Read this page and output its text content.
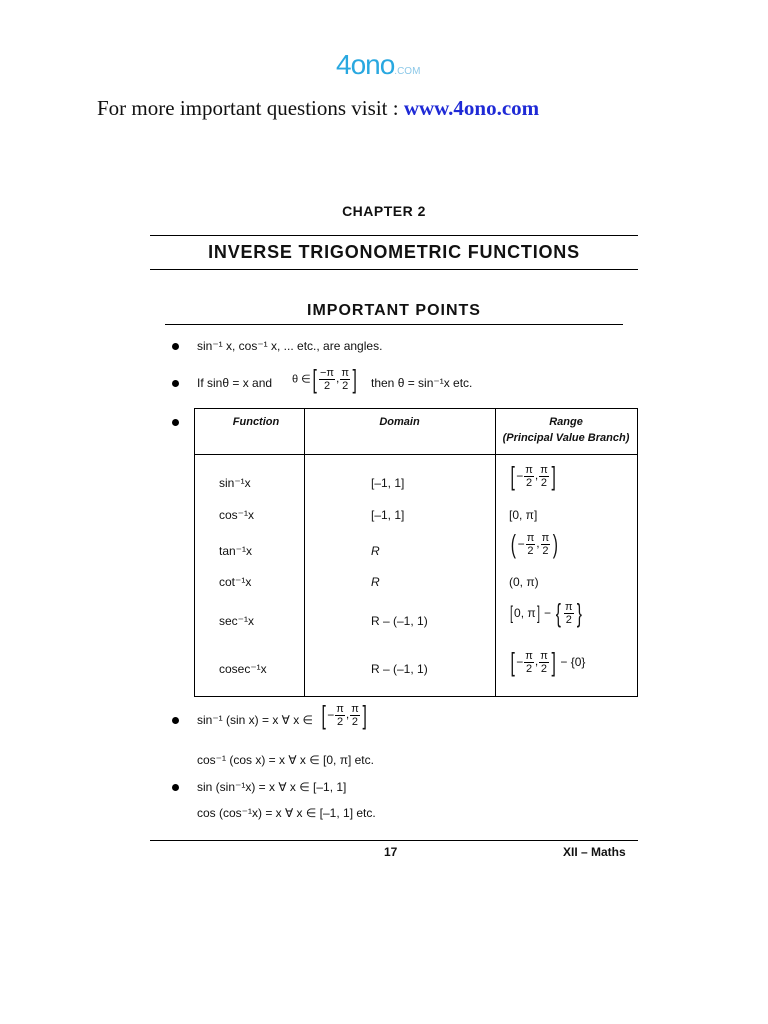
4ono.COM
For more important questions visit : www.4ono.com
CHAPTER 2
INVERSE TRIGONOMETRIC FUNCTIONS
IMPORTANT POINTS
sin⁻¹ x, cos⁻¹ x, ... etc., are angles.
If sinθ = x and θ ∈[ $\frac{-\pi}{2}$ , $\frac{\pi}{2}$ ] then θ = sin⁻¹x etc.
Function	Domain	Range
(Principal Value Branch)
sin⁻¹x	[–1, 1]	[− $\frac{\pi}{2}$ , $\frac{\pi}{2}$ ]
cos⁻¹x	[–1, 1]	[0, π]
tan⁻¹x	R	( − $\frac{\pi}{2}$ , $\frac{\pi}{2}$ )
cot⁻¹x	R	(0, π)
sec⁻¹x	R – (–1, 1)	[0, π] − { $\frac{\pi}{2}$ }
cosec⁻¹x	R – (–1, 1)	[− $\frac{\pi}{2}$ , $\frac{\pi}{2}$ ] − {0}
sin⁻¹ (sin x) = x ∀ x ∈ [− $\frac{\pi}{2}$ , $\frac{\pi}{2}$ ]
cos⁻¹ (cos x) = x ∀ x ∈ [0, π] etc.
sin (sin⁻¹x) = x ∀ x ∈ [–1, 1]
cos (cos⁻¹x) = x ∀ x ∈ [–1, 1] etc.
17	XII – Maths
